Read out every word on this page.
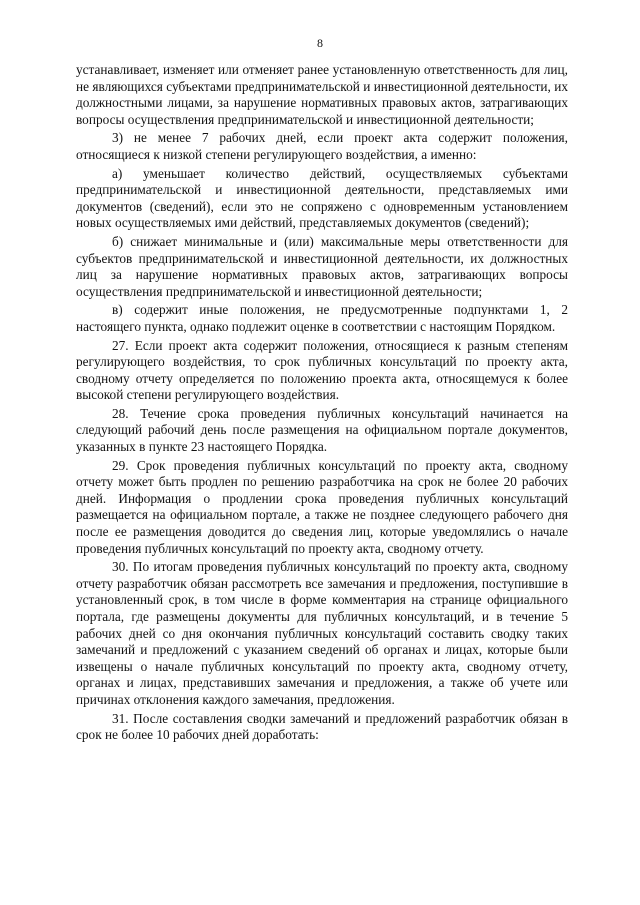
8

устанавливает, изменяет или отменяет ранее установленную ответственность для лиц, не являющихся субъектами предпринимательской и инвестиционной деятельности, их должностными лицами, за нарушение нормативных правовых актов, затрагивающих вопросы осуществления предпринимательской и инвестиционной деятельности;

3) не менее 7 рабочих дней, если проект акта содержит положения, относящиеся к низкой степени регулирующего воздействия, а именно:

а) уменьшает количество действий, осуществляемых субъектами предпринимательской и инвестиционной деятельности, представляемых ими документов (сведений), если это не сопряжено с одновременным установлением новых осуществляемых ими действий, представляемых документов (сведений);

б) снижает минимальные и (или) максимальные меры ответственности для субъектов предпринимательской и инвестиционной деятельности, их должностных лиц за нарушение нормативных правовых актов, затрагивающих вопросы осуществления предпринимательской и инвестиционной деятельности;

в) содержит иные положения, не предусмотренные подпунктами 1, 2 настоящего пункта, однако подлежит оценке в соответствии с настоящим Порядком.

27. Если проект акта содержит положения, относящиеся к разным степеням регулирующего воздействия, то срок публичных консультаций по проекту акта, сводному отчету определяется по положению проекта акта, относящемуся к более высокой степени регулирующего воздействия.

28. Течение срока проведения публичных консультаций начинается на следующий рабочий день после размещения на официальном портале документов, указанных в пункте 23 настоящего Порядка.

29. Срок проведения публичных консультаций по проекту акта, сводному отчету может быть продлен по решению разработчика на срок не более 20 рабочих дней. Информация о продлении срока проведения публичных консультаций размещается на официальном портале, а также не позднее следующего рабочего дня после ее размещения доводится до сведения лиц, которые уведомлялись о начале проведения публичных консультаций по проекту акта, сводному отчету.

30. По итогам проведения публичных консультаций по проекту акта, сводному отчету разработчик обязан рассмотреть все замечания и предложения, поступившие в установленный срок, в том числе в форме комментария на странице официального портала, где размещены документы для публичных консультаций, и в течение 5 рабочих дней со дня окончания публичных консультаций составить сводку таких замечаний и предложений с указанием сведений об органах и лицах, которые были извещены о начале публичных консультаций по проекту акта, сводному отчету, органах и лицах, представивших замечания и предложения, а также об учете или причинах отклонения каждого замечания, предложения.

31. После составления сводки замечаний и предложений разработчик обязан в срок не более 10 рабочих дней доработать:
